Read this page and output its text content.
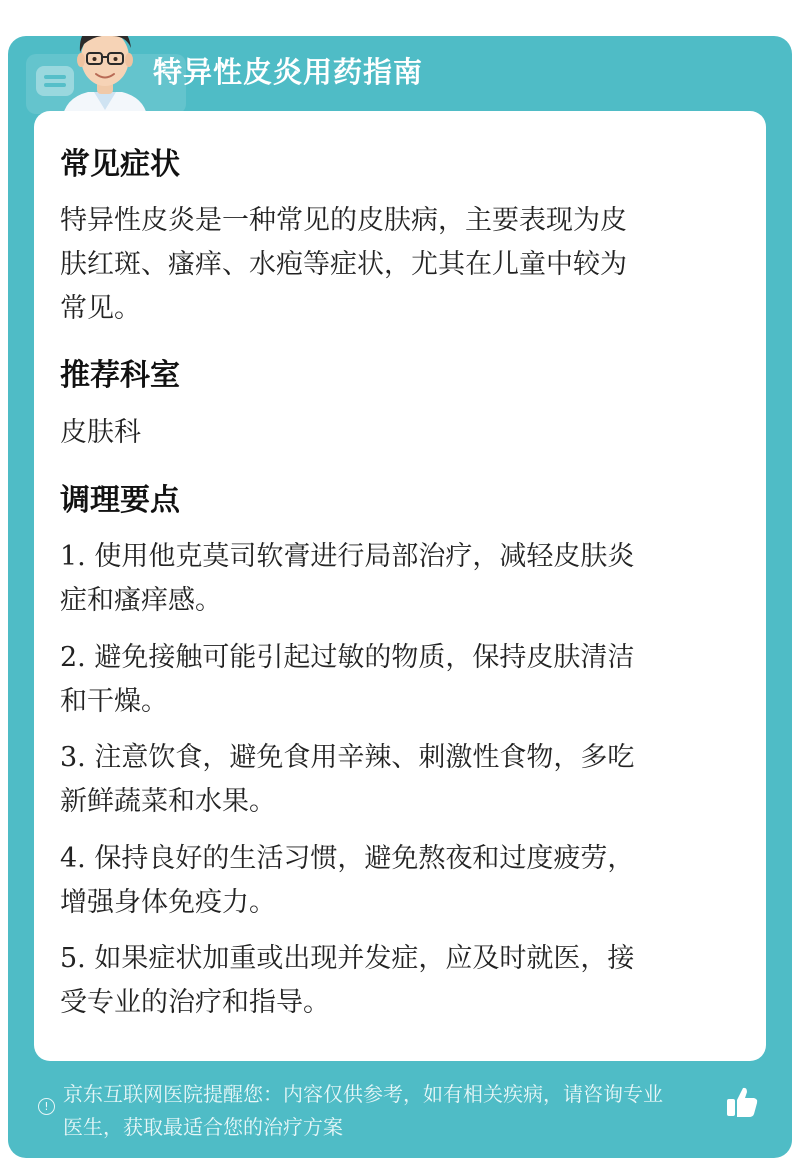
特异性皮炎用药指南
常见症状
特异性皮炎是一种常见的皮肤病，主要表现为皮
肤红斑、瘙痒、水疱等症状，尤其在儿童中较为
常见。
推荐科室
皮肤科
调理要点
1. 使用他克莫司软膏进行局部治疗，减轻皮肤炎
症和瘙痒感。
2. 避免接触可能引起过敏的物质，保持皮肤清洁
和干燥。
3. 注意饮食，避免食用辛辣、刺激性食物，多吃
新鲜蔬菜和水果。
4. 保持良好的生活习惯，避免熬夜和过度疲劳，
增强身体免疫力。
5. 如果症状加重或出现并发症，应及时就医，接
受专业的治疗和指导。
!
京东互联网医院提醒您：内容仅供参考，如有相关疾病，请咨询专业
医生，获取最适合您的治疗方案
